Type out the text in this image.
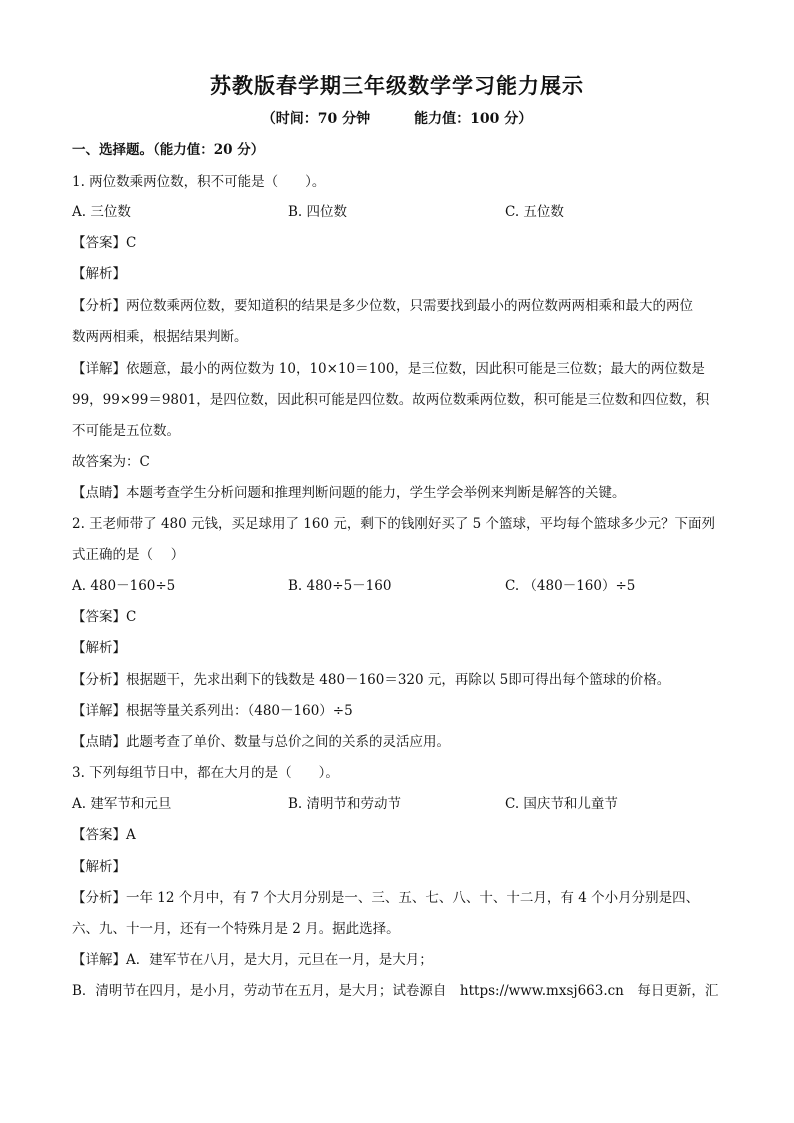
苏教版春学期三年级数学学习能力展示
（时间：70 分钟	能力值：100 分）
一、选择题。（能力值：20 分）
1. 两位数乘两位数，积不可能是（　　）。
A. 三位数	B. 四位数	C. 五位数
【答案】C
【解析】
【分析】两位数乘两位数，要知道积的结果是多少位数，只需要找到最小的两位数两两相乘和最大的两位
数两两相乘，根据结果判断。
【详解】依题意，最小的两位数为 10，10×10＝100，是三位数，因此积可能是三位数；最大的两位数是
99，99×99＝9801，是四位数，因此积可能是四位数。故两位数乘两位数，积可能是三位数和四位数，积
不可能是五位数。
故答案为：C
【点睛】本题考查学生分析问题和推理判断问题的能力，学生学会举例来判断是解答的关键。
2. 王老师带了 480 元钱，买足球用了 160 元，剩下的钱刚好买了 5 个篮球，平均每个篮球多少元？下面列
式正确的是（　 ）
A. 480－160÷5	B. 480÷5－160	C. （480－160）÷5
【答案】C
【解析】
【分析】根据题干，先求出剩下的钱数是 480－160＝320 元，再除以 5即可得出每个篮球的价格。
【详解】根据等量关系列出：（480－160）÷5
【点睛】此题考查了单价、数量与总价之间的关系的灵活应用。
3. 下列每组节日中，都在大月的是（　　）。
A. 建军节和元旦	B. 清明节和劳动节	C. 国庆节和儿童节
【答案】A
【解析】
【分析】一年 12 个月中，有 7 个大月分别是一、三、五、七、八、十、十二月，有 4 个小月分别是四、
六、九、十一月，还有一个特殊月是 2 月。据此选择。
【详解】A．建军节在八月，是大月，元旦在一月，是大月；
B．清明节在四月，是小月，劳动节在五月，是大月；试卷源自　https://www.mxsj663.cn　每日更新，汇
